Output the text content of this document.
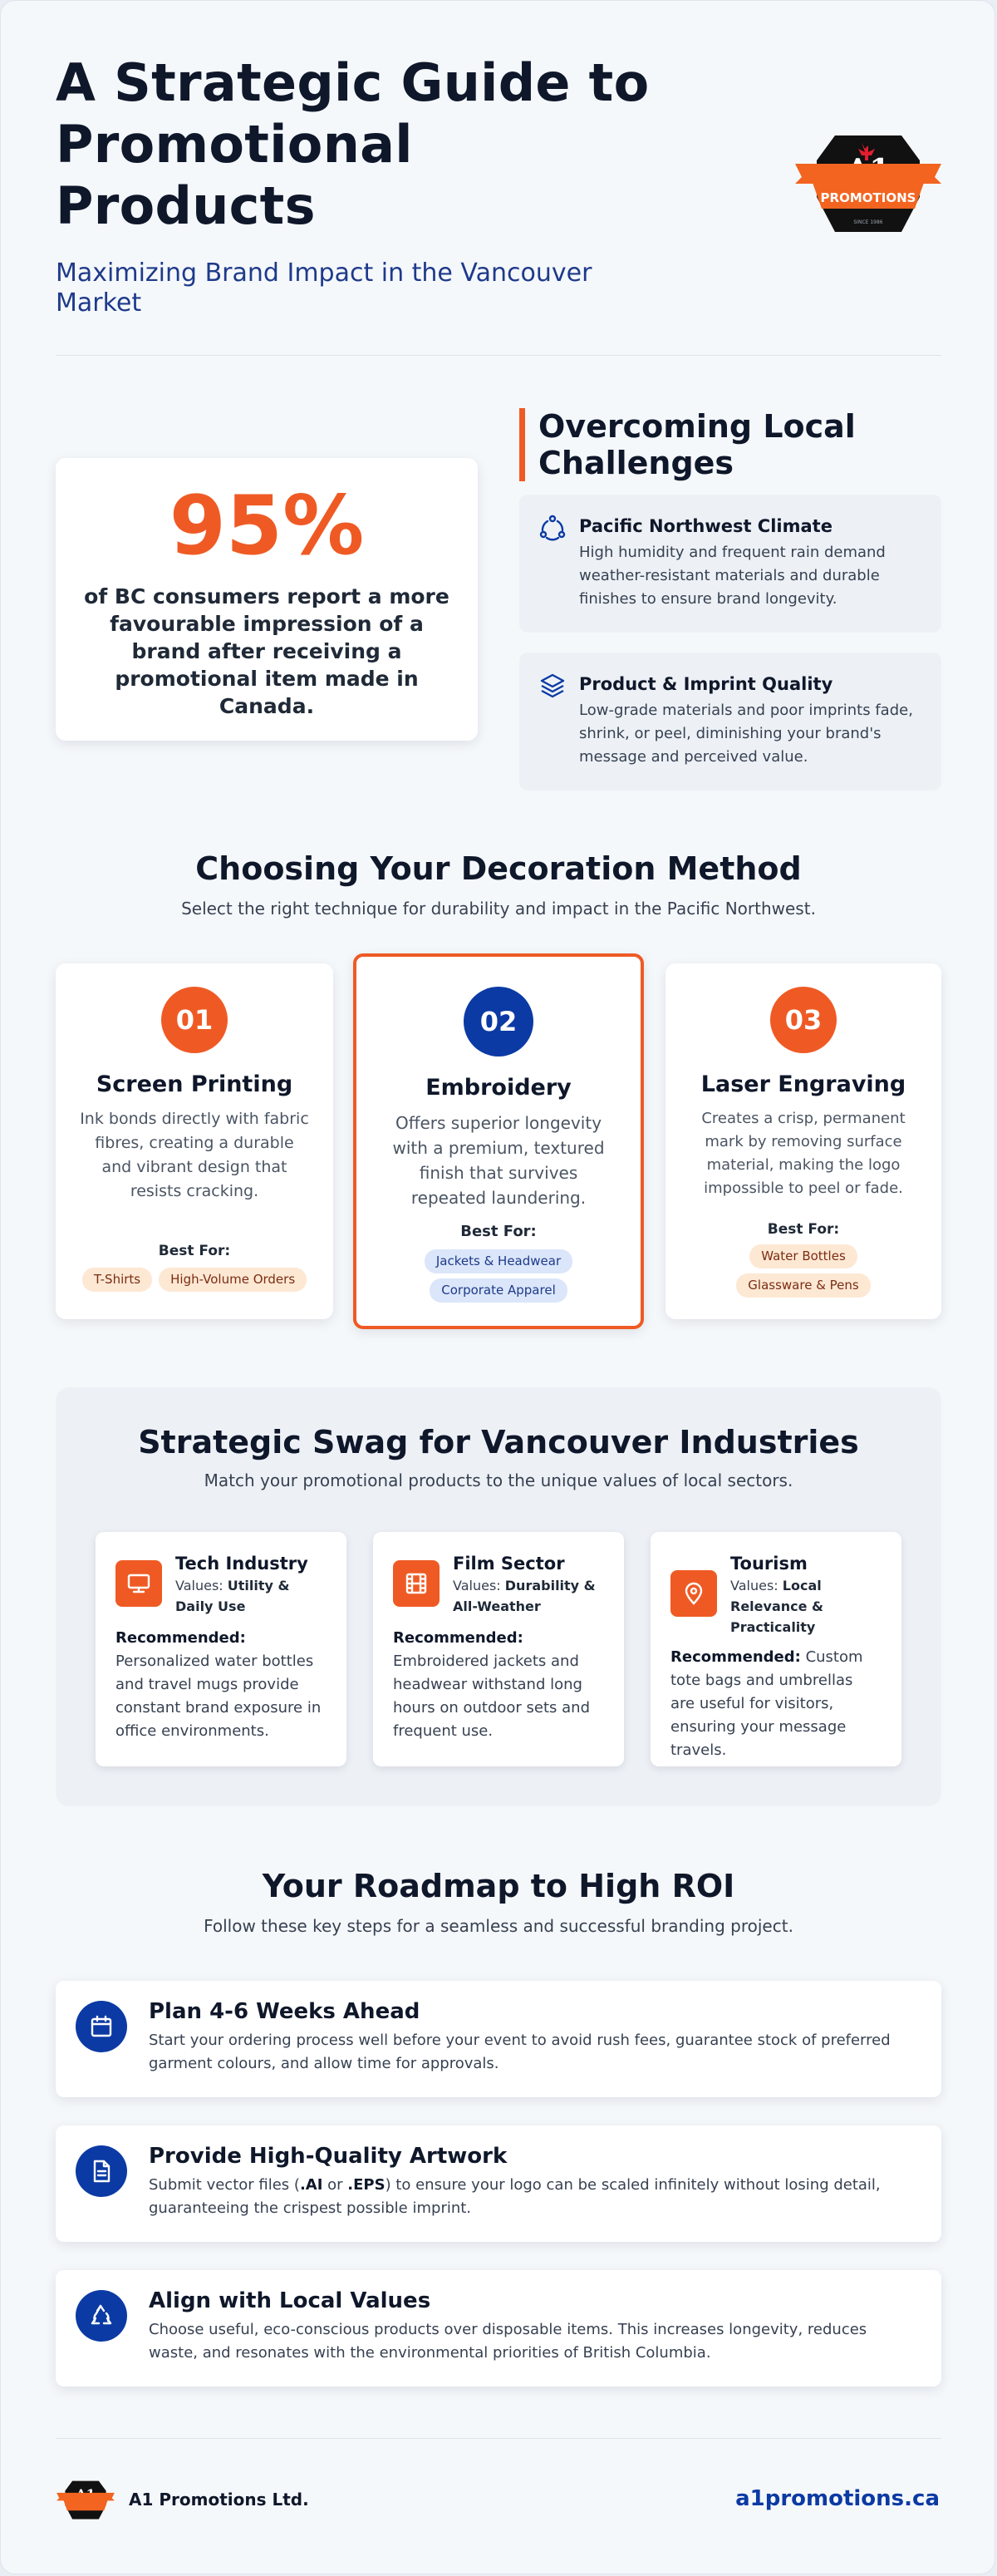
A Strategic Guide to Promotional Products
Maximizing Brand Impact in the Vancouver Market
PROMOTIONS
SINCE 1986
95%
of BC consumers report a more favourable impression of a brand after receiving a promotional item made in Canada.
Overcoming Local Challenges
Pacific Northwest Climate
High humidity and frequent rain demand weather-resistant materials and durable finishes to ensure brand longevity.
Product & Imprint Quality
Low-grade materials and poor imprints fade, shrink, or peel, diminishing your brand's message and perceived value.
Choosing Your Decoration Method
Select the right technique for durability and impact in the Pacific Northwest.
01
Screen Printing
Ink bonds directly with fabric fibres, creating a durable and vibrant design that resists cracking.
Best For:
T-Shirts High-Volume Orders
02
Embroidery
Offers superior longevity with a premium, textured finish that survives repeated laundering.
Best For:
Jackets & Headwear
Corporate Apparel
03
Laser Engraving
Creates a crisp, permanent mark by removing surface material, making the logo impossible to peel or fade.
Best For:
Water Bottles
Glassware & Pens
Strategic Swag for Vancouver Industries
Match your promotional products to the unique values of local sectors.
Tech Industry
Values: Utility & Daily Use
Recommended:
Personalized water bottles and travel mugs provide constant brand exposure in office environments.
Film Sector
Values: Durability & All-Weather
Recommended:
Embroidered jackets and headwear withstand long hours on outdoor sets and frequent use.
Tourism
Values: Local Relevance & Practicality
Recommended: Custom tote bags and umbrellas are useful for visitors, ensuring your message travels.
Your Roadmap to High ROI
Follow these key steps for a seamless and successful branding project.
Plan 4-6 Weeks Ahead
Start your ordering process well before your event to avoid rush fees, guarantee stock of preferred garment colours, and allow time for approvals.
Provide High-Quality Artwork
Submit vector files (.AI or .EPS) to ensure your logo can be scaled infinitely without losing detail, guaranteeing the crispest possible imprint.
Align with Local Values
Choose useful, eco-conscious products over disposable items. This increases longevity, reduces waste, and resonates with the environmental priorities of British Columbia.
A1 Promotions Ltd.	a1promotions.ca
